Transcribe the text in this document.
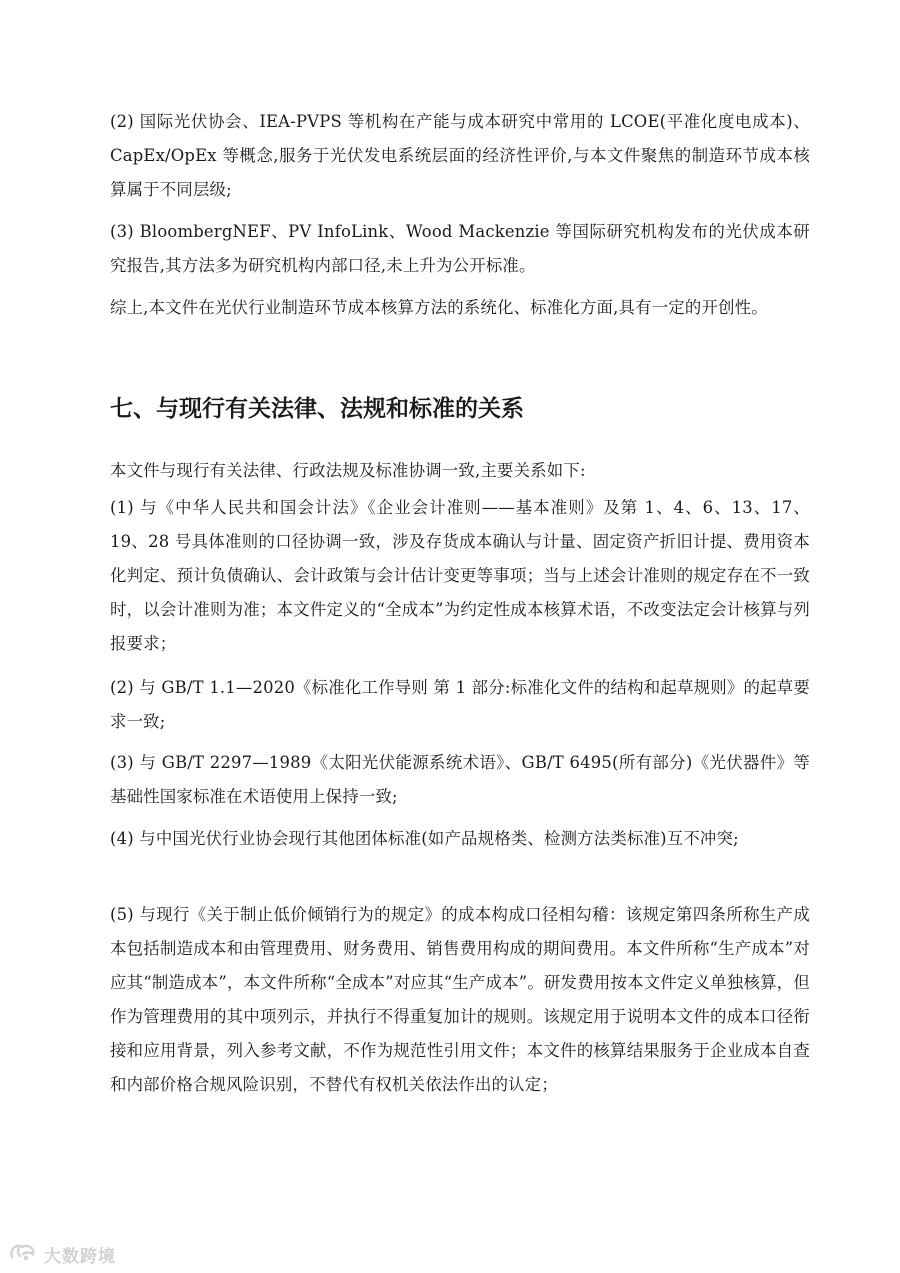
(2) 国际光伏协会、IEA-PVPS 等机构在产能与成本研究中常用的 LCOE(平准化度电成本)、CapEx/OpEx 等概念,服务于光伏发电系统层面的经济性评价,与本文件聚焦的制造环节成本核算属于不同层级;

(3) BloombergNEF、PV InfoLink、Wood Mackenzie 等国际研究机构发布的光伏成本研究报告,其方法多为研究机构内部口径,未上升为公开标准。

综上,本文件在光伏行业制造环节成本核算方法的系统化、标准化方面,具有一定的开创性。

七、与现行有关法律、法规和标准的关系

本文件与现行有关法律、行政法规及标准协调一致,主要关系如下:

(1) 与《中华人民共和国会计法》《企业会计准则——基本准则》及第 1、4、6、13、17、19、28 号具体准则的口径协调一致，涉及存货成本确认与计量、固定资产折旧计提、费用资本化判定、预计负债确认、会计政策与会计估计变更等事项；当与上述会计准则的规定存在不一致时，以会计准则为准；本文件定义的“全成本”为约定性成本核算术语，不改变法定会计核算与列报要求；

(2) 与 GB/T 1.1—2020《标准化工作导则 第 1 部分:标准化文件的结构和起草规则》的起草要求一致;

(3) 与 GB/T 2297—1989《太阳光伏能源系统术语》、GB/T 6495(所有部分)《光伏器件》等基础性国家标准在术语使用上保持一致;

(4) 与中国光伏行业协会现行其他团体标准(如产品规格类、检测方法类标准)互不冲突;

(5) 与现行《关于制止低价倾销行为的规定》的成本构成口径相勾稽：该规定第四条所称生产成本包括制造成本和由管理费用、财务费用、销售费用构成的期间费用。本文件所称“生产成本”对应其“制造成本”，本文件所称“全成本”对应其“生产成本”。研发费用按本文件定义单独核算，但作为管理费用的其中项列示，并执行不得重复加计的规则。该规定用于说明本文件的成本口径衔接和应用背景，列入参考文献，不作为规范性引用文件；本文件的核算结果服务于企业成本自查和内部价格合规风险识别，不替代有权机关依法作出的认定；

大数跨境
